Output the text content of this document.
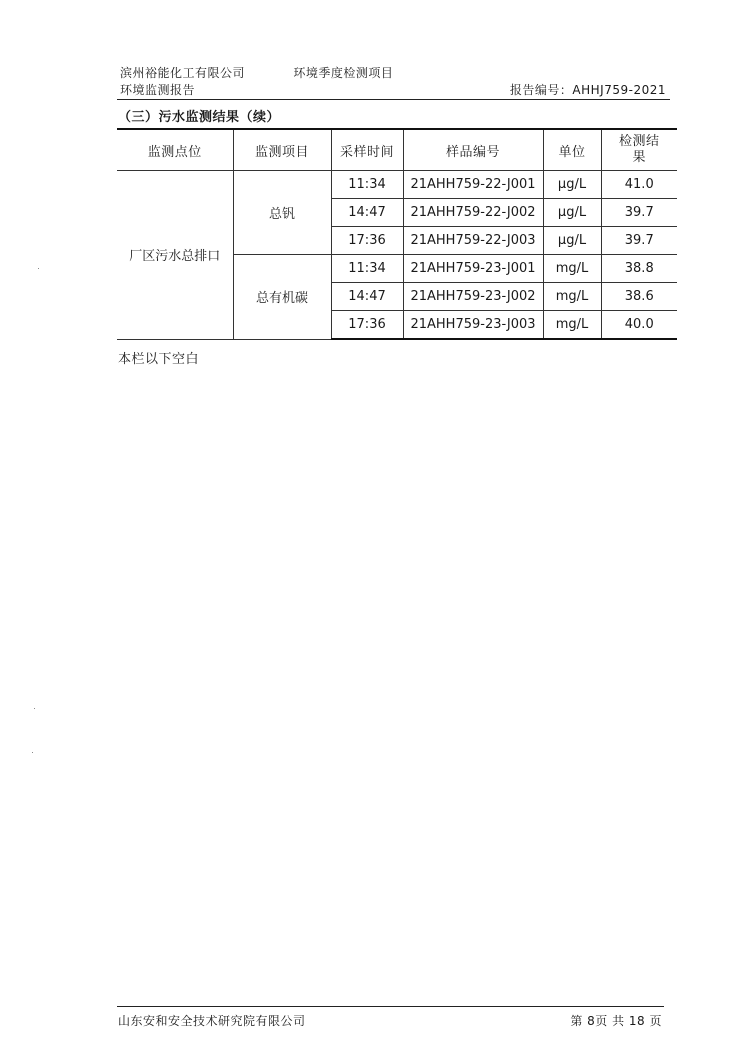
滨州裕能化工有限公司	环境季度检测项目
环境监测报告	报告编号：AHHJ759-2021
（三）污水监测结果（续）
监测点位	监测项目	采样时间	样品编号	单位	检测结
果
厂区污水总排口	总钒	11:34	21AHH759-22-J001	μg/L	41.0
		14:47	21AHH759-22-J002	μg/L	39.7
		17:36	21AHH759-22-J003	μg/L	39.7
	总有机碳	11:34	21AHH759-23-J001	mg/L	38.8
		14:47	21AHH759-23-J002	mg/L	38.6
		17:36	21AHH759-23-J003	mg/L	40.0
本栏以下空白
山东安和安全技术研究院有限公司	第 8页 共 18 页
